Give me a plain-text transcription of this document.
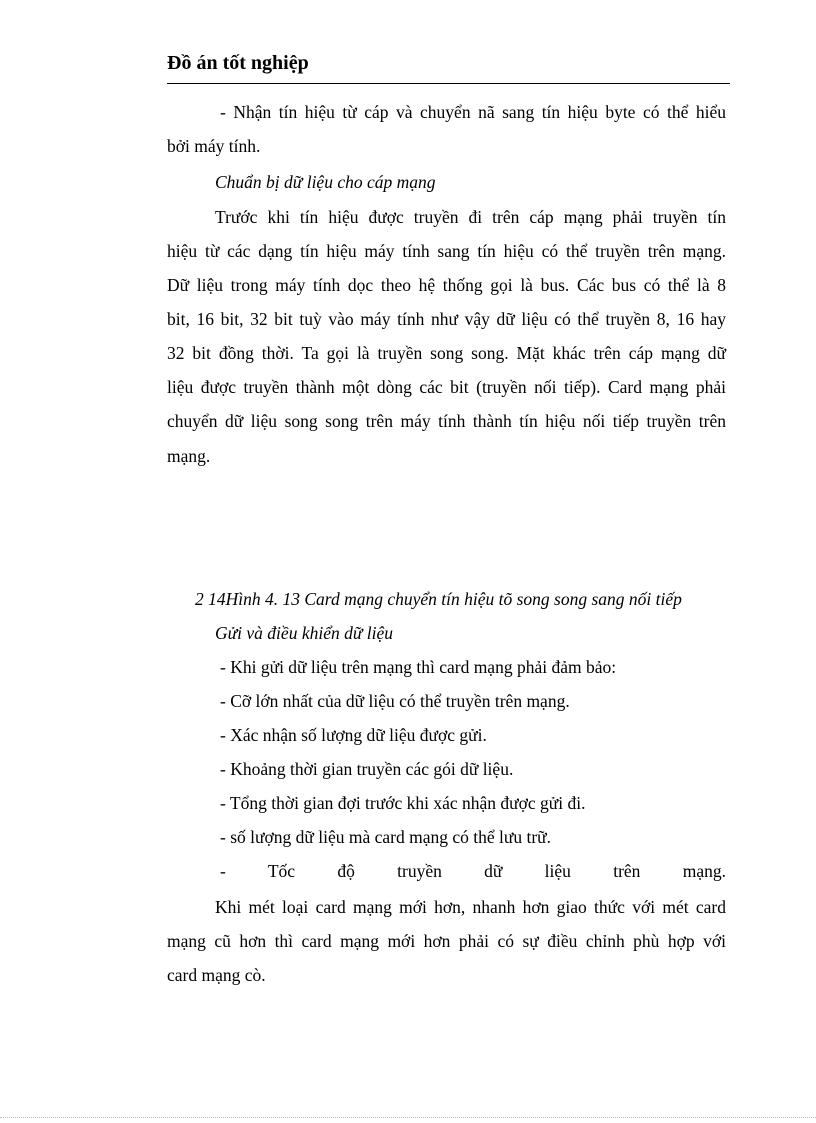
Đồ án tốt nghiệp
- Nhận tín hiệu từ cáp và chuyển nã sang tín hiệu byte có thể hiểu
bởi máy tính.
Chuẩn bị dữ liệu cho cáp mạng
Trước khi tín hiệu được truyền đi trên cáp mạng phải truyền tín
hiệu từ các dạng tín hiệu máy tính sang tín hiệu có thể truyền trên mạng.
Dữ liệu trong máy tính dọc theo hệ thống gọi là bus. Các bus có thể là 8
bit, 16 bit, 32 bit tuỳ vào máy tính như vậy dữ liệu có thể truyền 8, 16 hay
32 bit đồng thời. Ta gọi là truyền song song. Mặt khác trên cáp mạng dữ
liệu được truyền thành một dòng các bit (truyền nối tiếp). Card mạng phải
chuyển dữ liệu song song trên máy tính thành tín hiệu nối tiếp truyền trên
mạng.
2 14Hình 4. 13 Card mạng chuyển tín hiệu tõ song song sang nối tiếp
Gửi và điều khiển dữ liệu
- Khi gửi dữ liệu trên mạng thì card mạng phải đảm bảo:
- Cỡ lớn nhất của dữ liệu có thể truyền trên mạng.
- Xác nhận số lượng dữ liệu được gửi.
- Khoảng thời gian truyền các gói dữ liệu.
- Tổng thời gian đợi trước khi xác nhận được gửi đi.
- số lượng dữ liệu mà card mạng có thể lưu trữ.
- Tốc độ truyền dữ liệu trên mạng.
Khi mét loại card mạng mới hơn, nhanh hơn giao thức với mét card
mạng cũ hơn thì card mạng mới hơn phải có sự điều chỉnh phù hợp với
card mạng cò.
